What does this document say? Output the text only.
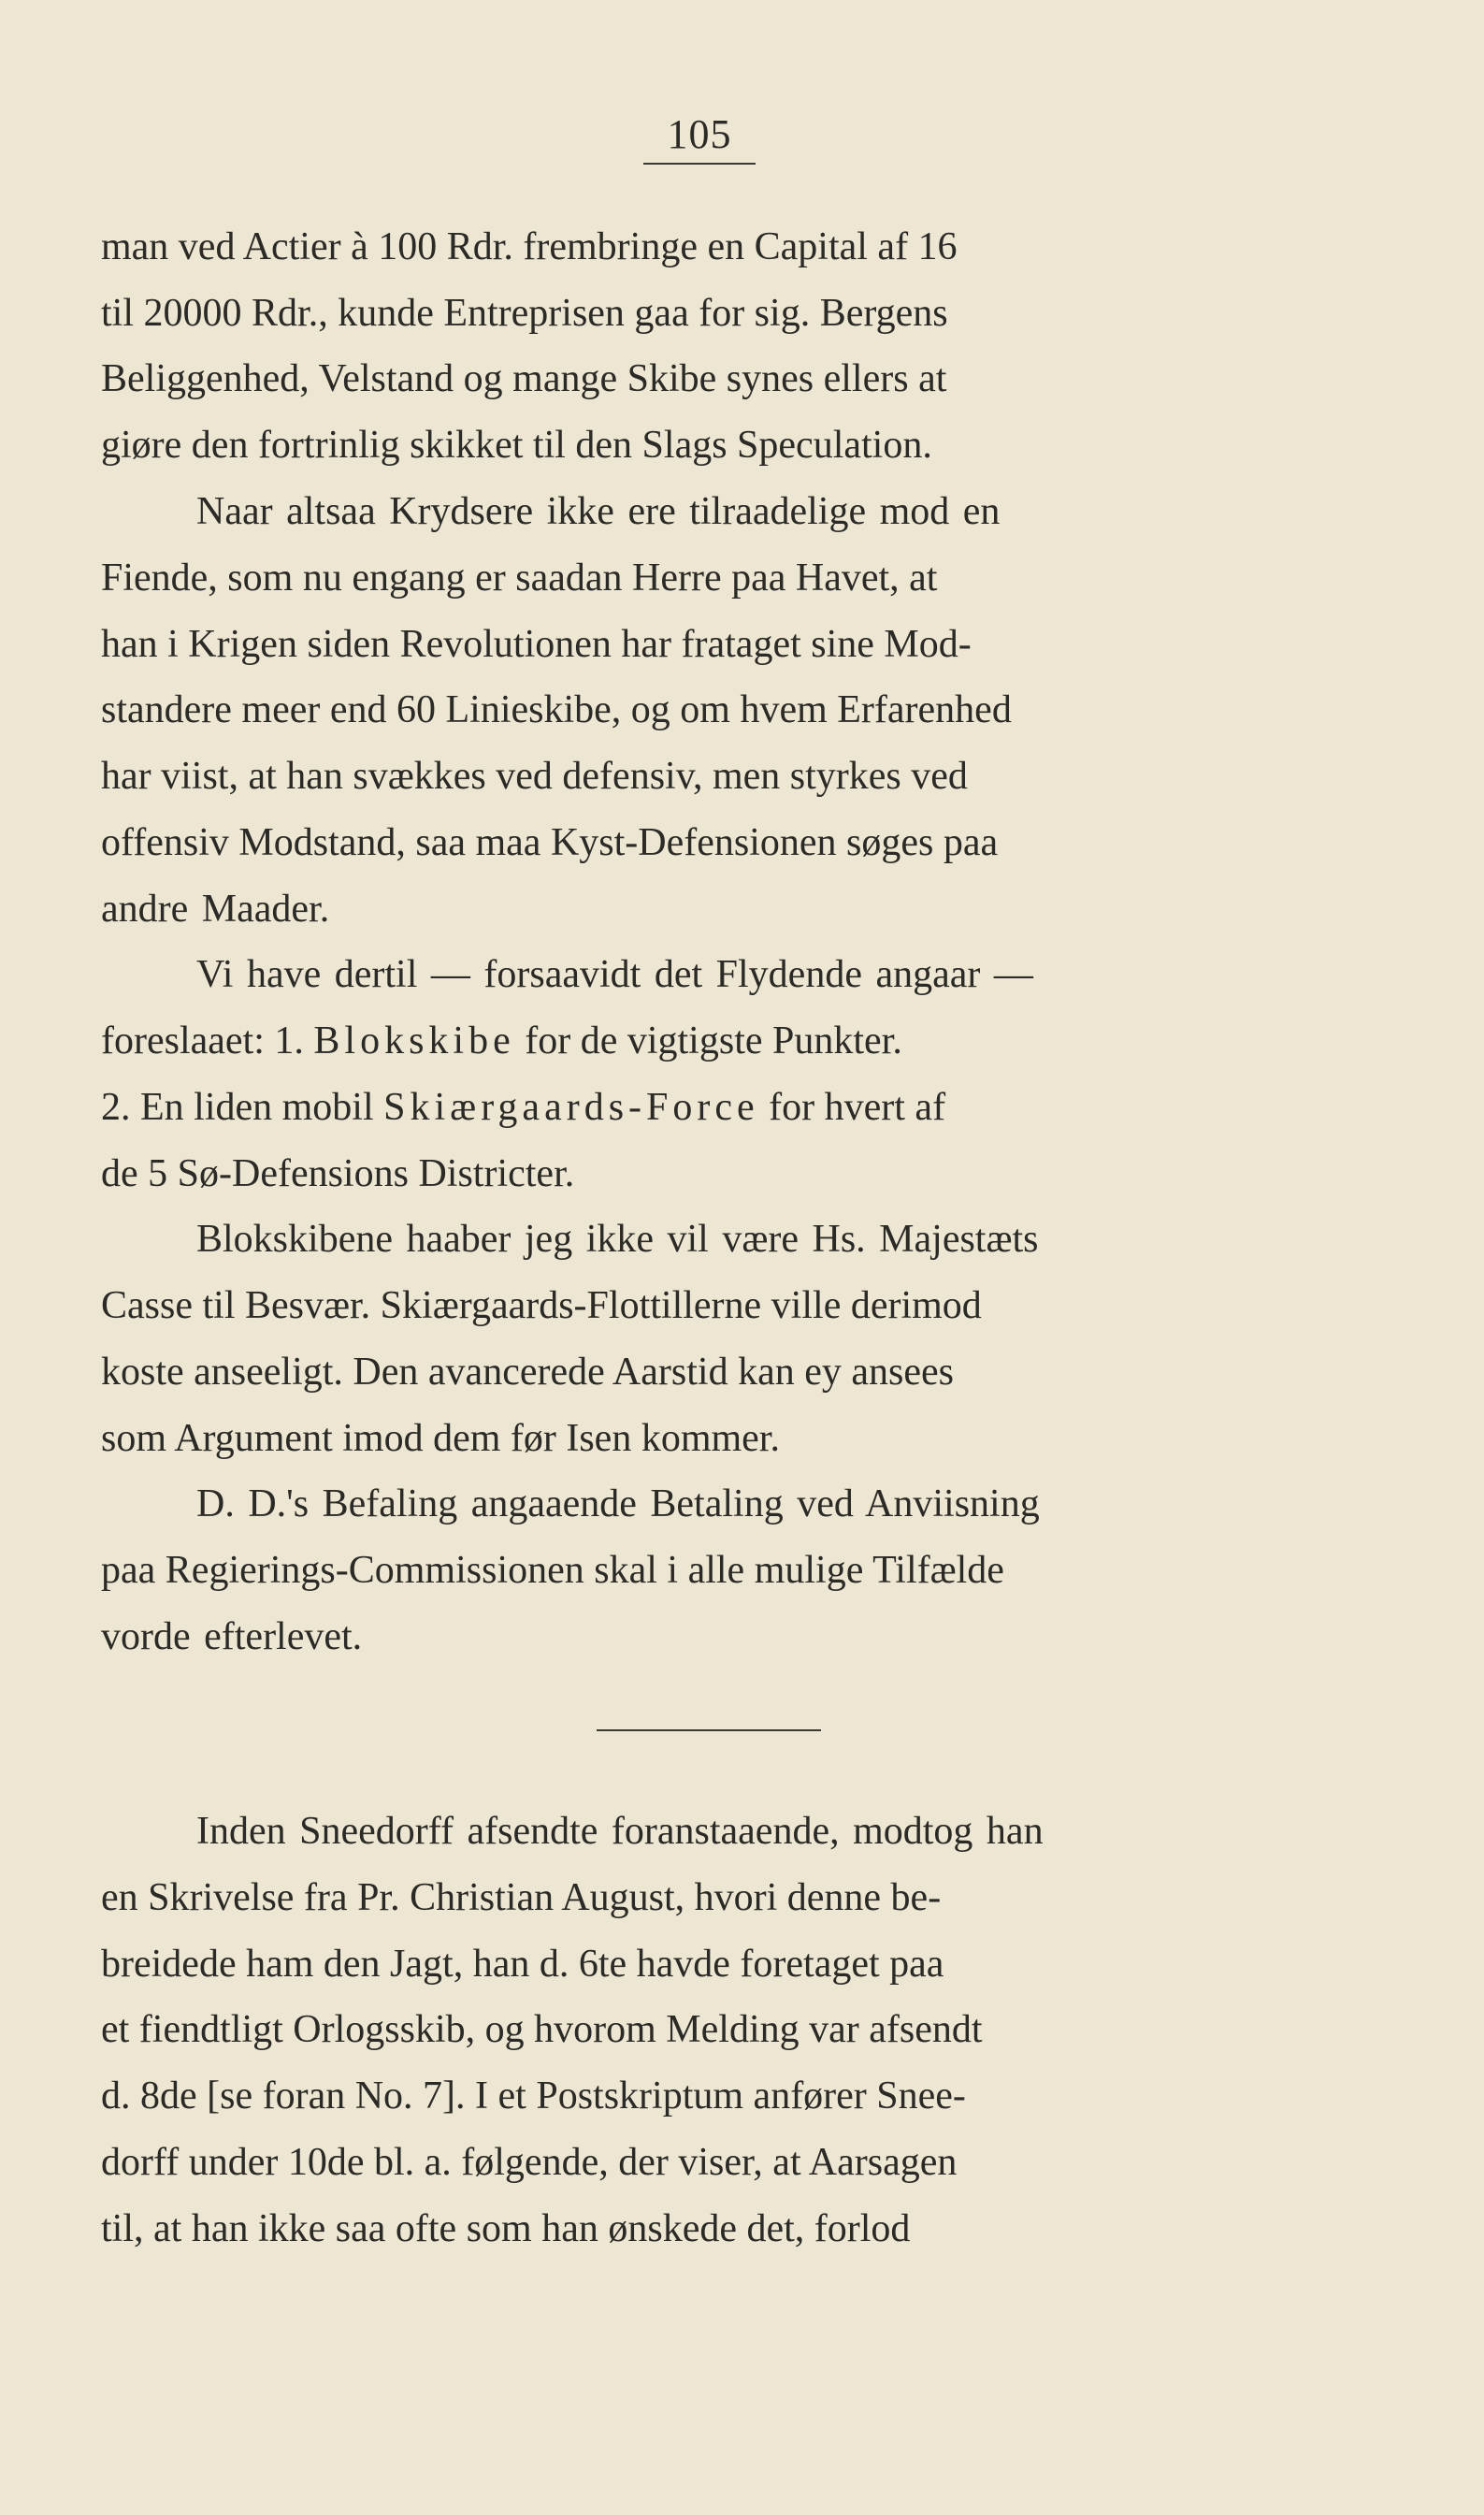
105
man ved Actier à 100 Rdr. frembringe en Capital af 16
til 20000 Rdr., kunde Entreprisen gaa for sig. Bergens
Beliggenhed, Velstand og mange Skibe synes ellers at
giøre den fortrinlig skikket til den Slags Speculation.
Naar altsaa Krydsere ikke ere tilraadelige mod en
Fiende, som nu engang er saadan Herre paa Havet, at
han i Krigen siden Revolutionen har frataget sine Mod-
standere meer end 60 Linieskibe, og om hvem Erfarenhed
har viist, at han svækkes ved defensiv, men styrkes ved
offensiv Modstand, saa maa Kyst-Defensionen søges paa
andre Maader.
Vi have dertil — forsaavidt det Flydende angaar —
foreslaaet: 1. Blokskibe for de vigtigste Punkter.
2. En liden mobil Skiærgaards-Force for hvert af
de 5 Sø-Defensions Districter.
Blokskibene haaber jeg ikke vil være Hs. Majestæts
Casse til Besvær. Skiærgaards-Flottillerne ville derimod
koste anseeligt. Den avancerede Aarstid kan ey ansees
som Argument imod dem før Isen kommer.
D. D.'s Befaling angaaende Betaling ved Anviisning
paa Regierings-Commissionen skal i alle mulige Tilfælde
vorde efterlevet.
Inden Sneedorff afsendte foranstaaende, modtog han
en Skrivelse fra Pr. Christian August, hvori denne be-
breidede ham den Jagt, han d. 6te havde foretaget paa
et fiendtligt Orlogsskib, og hvorom Melding var afsendt
d. 8de [se foran No. 7]. I et Postskriptum anfører Snee-
dorff under 10de bl. a. følgende, der viser, at Aarsagen
til, at han ikke saa ofte som han ønskede det, forlod
